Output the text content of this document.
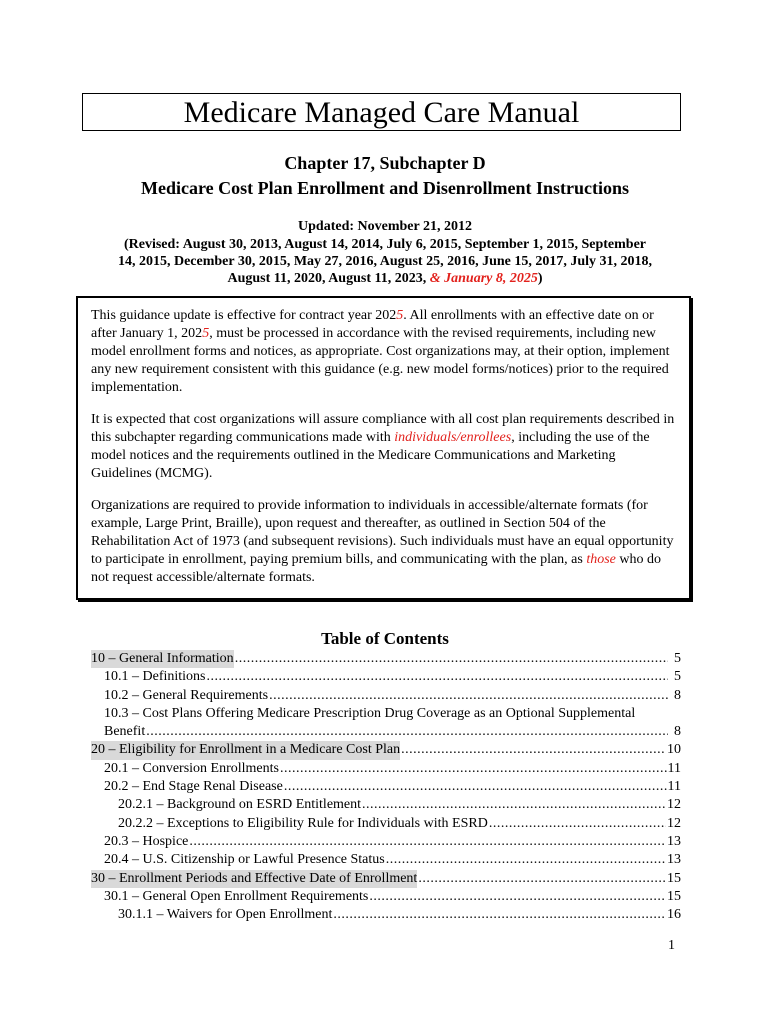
Medicare Managed Care Manual
Chapter 17, Subchapter D
Medicare Cost Plan Enrollment and Disenrollment Instructions
Updated: November 21, 2012
(Revised: August 30, 2013, August 14, 2014, July 6, 2015, September 1, 2015, September
14, 2015, December 30, 2015, May 27, 2016, August 25, 2016, June 15, 2017, July 31, 2018,
August 11, 2020, August 11, 2023, & January 8, 2025)

This guidance update is effective for contract year 2025. All enrollments with an effective date on or after January 1, 2025, must be processed in accordance with the revised requirements, including new model enrollment forms and notices, as appropriate. Cost organizations may, at their option, implement any new requirement consistent with this guidance (e.g. new model forms/notices) prior to the required implementation.

It is expected that cost organizations will assure compliance with all cost plan requirements described in this subchapter regarding communications made with individuals/enrollees, including the use of the model notices and the requirements outlined in the Medicare Communications and Marketing Guidelines (MCMG).

Organizations are required to provide information to individuals in accessible/alternate formats (for example, Large Print, Braille), upon request and thereafter, as outlined in Section 504 of the Rehabilitation Act of 1973 (and subsequent revisions). Such individuals must have an equal opportunity to participate in enrollment, paying premium bills, and communicating with the plan, as those who do not request accessible/alternate formats.

Table of Contents
10 – General Information .....	5
10.1 – Definitions .....	5
10.2 – General Requirements .....	8
10.3 – Cost Plans Offering Medicare Prescription Drug Coverage as an Optional Supplemental
Benefit .....	8
20 – Eligibility for Enrollment in a Medicare Cost Plan .....	10
20.1 – Conversion Enrollments .....	11
20.2 – End Stage Renal Disease .....	11
20.2.1 – Background on ESRD Entitlement .....	12
20.2.2 – Exceptions to Eligibility Rule for Individuals with ESRD .....	12
20.3 – Hospice .....	13
20.4 – U.S. Citizenship or Lawful Presence Status .....	13
30 – Enrollment Periods and Effective Date of Enrollment .....	15
30.1 – General Open Enrollment Requirements .....	15
30.1.1 – Waivers for Open Enrollment .....	16
1
